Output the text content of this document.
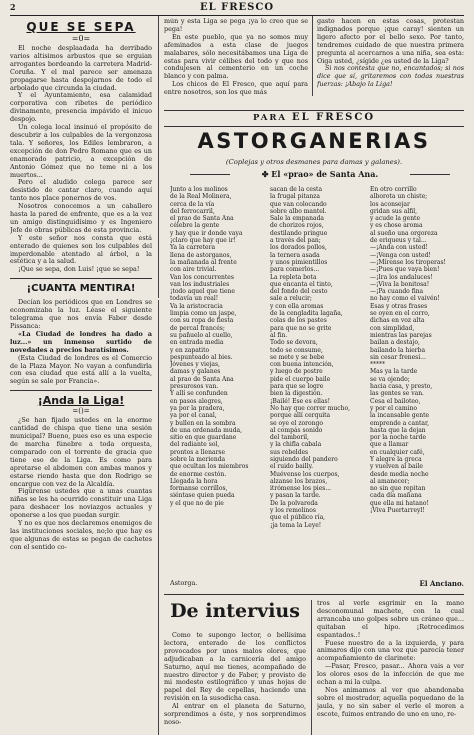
2	EL FRESCO
QUE SE SEPA
=0=

El noche desplaadada ha derribado varios altisimos arbustos que se erguian arrogantes bordeando la carretera Madrid-Coruña. Y el mal parece ser amenaza propagarse hasta despojarnos de todo el arbolado que circunda la ciudad.

Y el Ayuntamiento, esa calamidad corporativa con ribetes de periódico divinamente, presencia impávido el inicuo despojo.

Un colega local insinuó el propósito de descubrir a los culpables de la vergonzosa tala. Y señores, los Ediles lembraron, a excepción de don Pedro Romano que es un enamorado patricio, a excepción de Antonio Gómez que no teme ni a los muertos...

Pero el aludido colega parece ser desistido de cantar claro, cuando aquí tanto nos place ponernos de vos.

Nosotros conocemos a un caballero hasta la pared de enfrente, que es a la vez un amigo distinguidísimo y es Ingeniero Jefe de obras públicas de esta provincia.

Y este señor nos consta que está enterado de quienes son los culpables del imperdonable atentado al árbol, a la estética y a la salud.

¡Que se sepa, don Luis! ¡que se sepa!

¡CUANTA MENTIRA!

Decían los periódicos que en Londres se economizaba la luz. Léase el siguiente telegrama que nos envía Faber desde Pissanca:

«La Ciudad de londres ha dado a luz...» un inmenso surtido de novedades a precios baratísimos.

(Esta Ciudad de londres es el Comercio de la Plaza Mayor. No vayan a confundirla con esa ciudad que está allí a la vuelta, según se sale por Francia».

¡Anda la Liga!
=()=

¿Se han fijado ustedes en la enorme cantidad de chispa que tiene una sesión municipal? Bueno, pues eso es una especie de marcha fúnebre a toda orquesta, comparado con el torrente de gracia que tiene eso de la Liga. Es como para apretarse el abdomen con ambas manos y estarse riendo hasta que don Rodrigo se encargue con vez de la Alcaldía.

Figúrense ustedes que a unas cuantas niñas se les ha ocurrido constituir una Liga para deshacer los noviazgos actuales y oponerse a los que puedan surgir.

Y no es que nos declaremos enemigos de las instituciones sociales, no;lo que hay es que algunas de estas se pegan de cachetes con el sentido co-

mún y esta Liga se pega ¡ya lo creo que se pega!

En este pueblo, que ya no somos muy afeminados a esta clase de juegos malabares, sólo necesitábamos una Liga de estas para vivir célibes del todo y que nos condujesen al cementerio en un coche blanco y con palma.

Los chicos de El Fresco, que aquí para entre nosotros, son los que más

gasto hacen en estas cosas, protestan indignados porque ¡que caray! sienten un ligero afecto por el bello sexo. Por tanto, tendremos cuidado de que nuestra primera pregunta al acercarnos a una niña, sea esta: Oiga usted, ¿sígide ¿es usted de la Liga?

Si nos contesta que no, encantados; si nos dice que sí, gritaremos con todas nuestras fuerzas: ¡Abajo la Liga!

PARA EL FRESCO
ASTORGANERIAS
(Coplejas y otros desmanes para damas y galanes).
✤ El «prao» de Santa Ana.
Junto a los molinos
de la Real Molinera,
cerca de la vía
del ferrocarril,
el prao de Santa Ana
célebre la gente
y hay que ir donde vaya
¡claro que hay que ir!
Ya la carretera
llena de astorganos,
la mañanada al frente
con aire trivial.
Van los concurrentes
van los industriales
¡todo aquel que tiene
todavía un real!
Va la aristocracia
limpia como un jaspe,
con su ropa de fiesta
de percal francés;
su pañuelo al cuello,
en entrada media
y en zapatito
pespunteado al bies.
Jóvenes y viejas,
damas y galanes
al prao de Santa Ana
presurosos van.
Y allí se confunden
en pasos alegres,
ya por la pradera,
ya por el canal,
y bullen en la sombra
de una ordenada muda,
sitio en que guardane
del radiante sol,
prontos a llenarse
sobre la merienda
que ocultan los miembros
de enorme cestón.
Llegada la hora
formanse corrillos,
siéntase quien pueda
y el que no de pie
sacan de la cesta
la frugal pitanza
que van colocando
sobre albo mantel.
Sale la empanada
de chorizos rojos,
destilando pringue
a través del pan;
los dorados pollos,
la ternera asada
y unos pimientillos
para comerlos...
La repleta bota
que encanta el tinto,
del fondo del cesto
sale a relucir;
y con ella aromas
de la cengladita lagaña,
colas de los pastes
para que no se grite
al fin.
Todo se devora,
todo se consume,
se mete y se bebe
con buena intención,
y luego de postre
pide el cuerpo baile
para que se logre
bien la digestión.
¡Bailé! Ese es ellas!
No hay que correr mucho,
porque allí cerquita
se oye el zorongo
al compás sonido
del tamboril,
y la chifla cabala
sus rebeldes
siguiendo del pandero
el ruido bailly.
Muévense los cuerpos,
alzanse los brazos,
itrómense los pies...
y pasan la tarde.
De la polvareda
y los remolinos
que el público ría,
¡ja tema la Leye!
En otro corrillo
alborota un chiste;
los aconsejar
gridan sus alfil,
y acude la gente
y es chose aroma
al sueño una orgoreza
de eriqueus y tal...
—¡Anda con usted!
—¡Venga con usted!
—¡Mírense los tiroperas!
—¡Pues que vaya bien!
—¡Ira los andaluces!
—¡Viva la bonitosa!
—¡Pa cuando fina
no hay como el vaivén!
Esas y otras frases
se oyen en el corro,
dichas en voz alta
con simplidad,
mientras las parejas
bailan a destajo,
bailando la hierba
sin cesar frenesí...
*****
Mas ya la tarde
se va ojendo;
hacia casa, y presto,
las gentes se van.
Cesa el bailoteo,
y por el camino
la incansable gente
emprende a cantar,
hasta que la dejan
por la noche tarde
que a llamar
en cualquier café,
Y alegre la greca
y vuelven al baile
desde media noche
al amanecer;
no sin que repitan
cada día mañana
que ella mi hatano!
¡Viva Puertarreyl!
Astorga.	El Anciano.
De intervius

Como te supongo lector, o bellísima lectora, enterado de los conflictos provocados por unos malos olores, que adjudicaban a la carnicería del amigo Saturno, aquí me tienes, acompañado de nuestro director y de Faber, y provisto de mi modesto estilográfico y unas hojas de papel del Rey de cepellas, haciendo una revisión en la susodicha casa.

Al entrar en el planeta de Saturno, sorprendimos a éste, y nos sorprendimos noso-

tros al verle esgrimir en la mano desconomunal machete, con la cual arrancaba uno golpes sobre un cráneo que... quitaban el hipo. ¡Retrocedimos espantados..!

Fuese nuestro de a la izquierda, y para animaros dijo con una voz que parecía tener acompañamiento de clarinete:

—Pasar, Fresco, pasar... Ahora vais a ver los olores esos de la infección de que me echan a mi la culpa.

Nos animamos al ver que abandonaba sobre el mostrador, aquella poquedano de la jaula, y no sin saber el verle el moren a escote, fuimos entrando de uno en uno, re-
